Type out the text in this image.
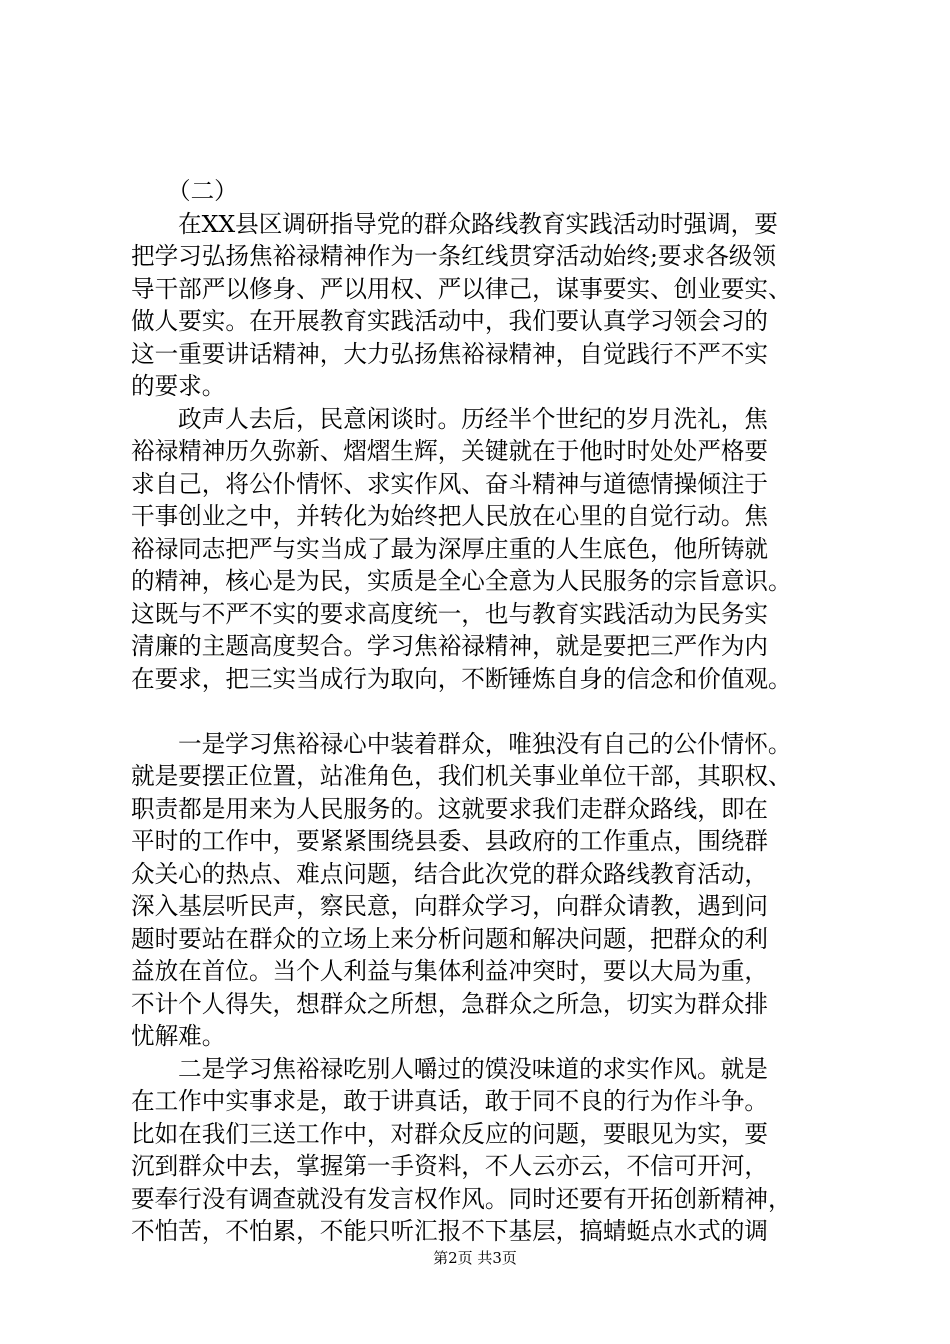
（二）
在XX县区调研指导党的群众路线教育实践活动时强调，要
把学习弘扬焦裕禄精神作为一条红线贯穿活动始终;要求各级领
导干部严以修身、严以用权、严以律己，谋事要实、创业要实、
做人要实。在开展教育实践活动中，我们要认真学习领会习的
这一重要讲话精神，大力弘扬焦裕禄精神，自觉践行不严不实
的要求。
政声人去后，民意闲谈时。历经半个世纪的岁月洗礼，焦
裕禄精神历久弥新、熠熠生辉，关键就在于他时时处处严格要
求自己，将公仆情怀、求实作风、奋斗精神与道德情操倾注于
干事创业之中，并转化为始终把人民放在心里的自觉行动。焦
裕禄同志把严与实当成了最为深厚庄重的人生底色，他所铸就
的精神，核心是为民，实质是全心全意为人民服务的宗旨意识。
这既与不严不实的要求高度统一，也与教育实践活动为民务实
清廉的主题高度契合。学习焦裕禄精神，就是要把三严作为内
在要求，把三实当成行为取向，不断锤炼自身的信念和价值观。
一是学习焦裕禄心中装着群众，唯独没有自己的公仆情怀。
就是要摆正位置，站准角色，我们机关事业单位干部，其职权、
职责都是用来为人民服务的。这就要求我们走群众路线，即在
平时的工作中，要紧紧围绕县委、县政府的工作重点，围绕群
众关心的热点、难点问题，结合此次党的群众路线教育活动，
深入基层听民声，察民意，向群众学习，向群众请教，遇到问
题时要站在群众的立场上来分析问题和解决问题，把群众的利
益放在首位。当个人利益与集体利益冲突时，要以大局为重，
不计个人得失，想群众之所想，急群众之所急，切实为群众排
忧解难。
二是学习焦裕禄吃别人嚼过的馍没味道的求实作风。就是
在工作中实事求是，敢于讲真话，敢于同不良的行为作斗争。
比如在我们三送工作中，对群众反应的问题，要眼见为实，要
沉到群众中去，掌握第一手资料，不人云亦云，不信可开河，
要奉行没有调查就没有发言权作风。同时还要有开拓创新精神，
不怕苦，不怕累，不能只听汇报不下基层，搞蜻蜓点水式的调
第2页 共3页
